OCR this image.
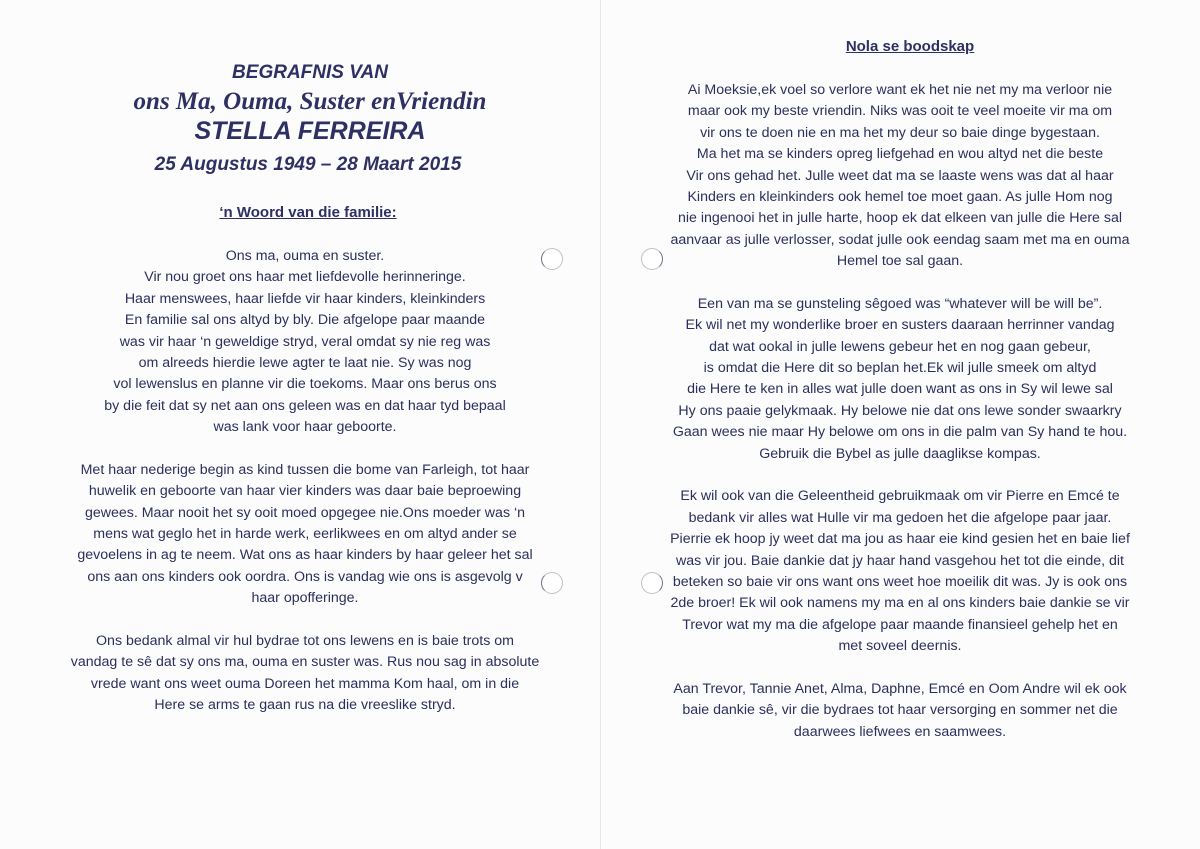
BEGRAFNIS VAN
ons Ma, Ouma, Suster enVriendin
STELLA FERREIRA
25 Augustus 1949 – 28 Maart 2015
‘n Woord van die familie:
Ons ma, ouma en suster.
Vir nou groet ons haar met liefdevolle herinneringe.
Haar menswees, haar liefde vir haar kinders, kleinkinders
En familie sal ons altyd by bly. Die afgelope paar maande
was vir haar ‘n geweldige stryd, veral omdat sy nie reg was
om alreeds hierdie lewe agter te laat nie. Sy was nog
vol lewenslus en planne vir die toekoms. Maar ons berus ons
by die feit dat sy net aan ons geleen was en dat haar tyd bepaal
was lank voor haar geboorte.
Met haar nederige begin as kind tussen die bome van Farleigh, tot haar
huwelik en geboorte van haar vier kinders was daar baie beproewing
gewees. Maar nooit het sy ooit moed opgegee nie.Ons moeder was ‘n
mens wat geglo het in harde werk, eerlikwees en om altyd ander se
gevoelens in ag te neem. Wat ons as haar kinders by haar geleer het sal
ons aan ons kinders ook oordra. Ons is vandag wie ons is asgevolg v
haar opofferinge.
Ons bedank almal vir hul bydrae tot ons lewens en is baie trots om
vandag te sê dat sy ons ma, ouma en suster was. Rus nou sag in absolute
vrede want ons weet ouma Doreen het mamma Kom haal, om in die
Here se arms te gaan rus na die vreeslike stryd.
Nola se boodskap
Ai Moeksie,ek voel so verlore want ek het nie net my ma verloor nie
maar ook my beste vriendin. Niks was ooit te veel moeite vir ma om
vir ons te doen nie en ma het my deur so baie dinge bygestaan.
Ma het ma se kinders opreg liefgehad en wou altyd net die beste
Vir ons gehad het. Julle weet dat ma se laaste wens was dat al haar
Kinders en kleinkinders ook hemel toe moet gaan. As julle Hom nog
nie ingenooi het in julle harte, hoop ek dat elkeen van julle die Here sal
aanvaar as julle verlosser, sodat julle ook eendag saam met ma en ouma
Hemel toe sal gaan.
Een van ma se gunsteling sêgoed was “whatever will be will be”.
Ek wil net my wonderlike broer en susters daaraan herrinner vandag
dat wat ookal in julle lewens gebeur het en nog gaan gebeur,
is omdat die Here dit so beplan het.Ek wil julle smeek om altyd
die Here te ken in alles wat julle doen want as ons in Sy wil lewe sal
Hy ons paaie gelykmaak. Hy belowe nie dat ons lewe sonder swaarkry
Gaan wees nie maar Hy belowe om ons in die palm van Sy hand te hou.
Gebruik die Bybel as julle daaglikse kompas.
Ek wil ook van die Geleentheid gebruikmaak om vir Pierre en Emcé te
bedank vir alles wat Hulle vir ma gedoen het die afgelope paar jaar.
Pierrie ek hoop jy weet dat ma jou as haar eie kind gesien het en baie lief
was vir jou. Baie dankie dat jy haar hand vasgehou het tot die einde, dit
beteken so baie vir ons want ons weet hoe moeilik dit was. Jy is ook ons
2de broer! Ek wil ook namens my ma en al ons kinders baie dankie se vir
Trevor wat my ma die afgelope paar maande finansieel gehelp het en
met soveel deernis.
Aan Trevor, Tannie Anet, Alma, Daphne, Emcé en Oom Andre wil ek ook
baie dankie sê, vir die bydraes tot haar versorging en sommer net die
daarwees liefwees en saamwees.
